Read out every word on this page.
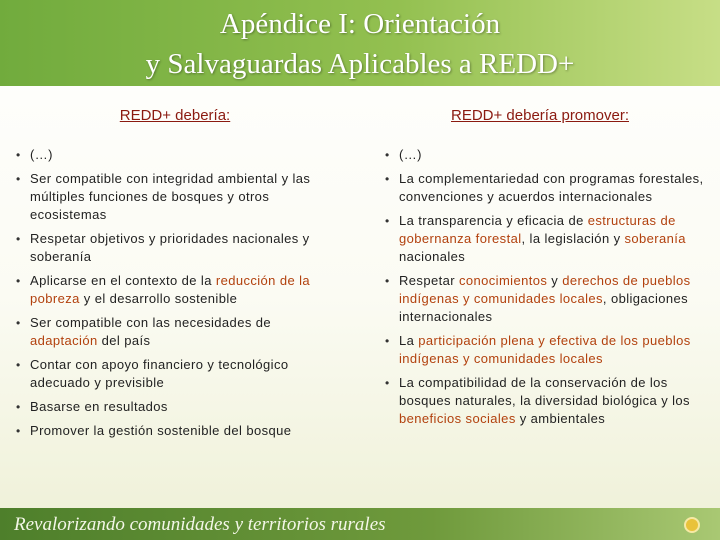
Apéndice I: Orientación
y Salvaguardas Aplicables a REDD+
REDD+ debería:	REDD+ debería promover:
• (…)
• Ser compatible con integridad ambiental y las múltiples funciones de bosques y otros ecosistemas
• Respetar objetivos y prioridades nacionales y soberanía
• Aplicarse en el contexto de la reducción de la pobreza y el desarrollo sostenible
• Ser compatible con las necesidades de adaptación del país
• Contar con apoyo financiero y tecnológico adecuado y previsible
• Basarse en resultados
• Promover la gestión sostenible del bosque
• (…)
• La complementariedad con programas forestales, convenciones y acuerdos internacionales
• La transparencia y eficacia de estructuras de gobernanza forestal, la legislación y soberanía nacionales
• Respetar conocimientos y derechos de pueblos indígenas y comunidades locales, obligaciones internacionales
• La participación plena y efectiva de los pueblos indígenas y comunidades locales
• La compatibilidad de la conservación de los bosques naturales, la diversidad biológica y los beneficios sociales y ambientales
Revalorizando comunidades y territorios rurales
